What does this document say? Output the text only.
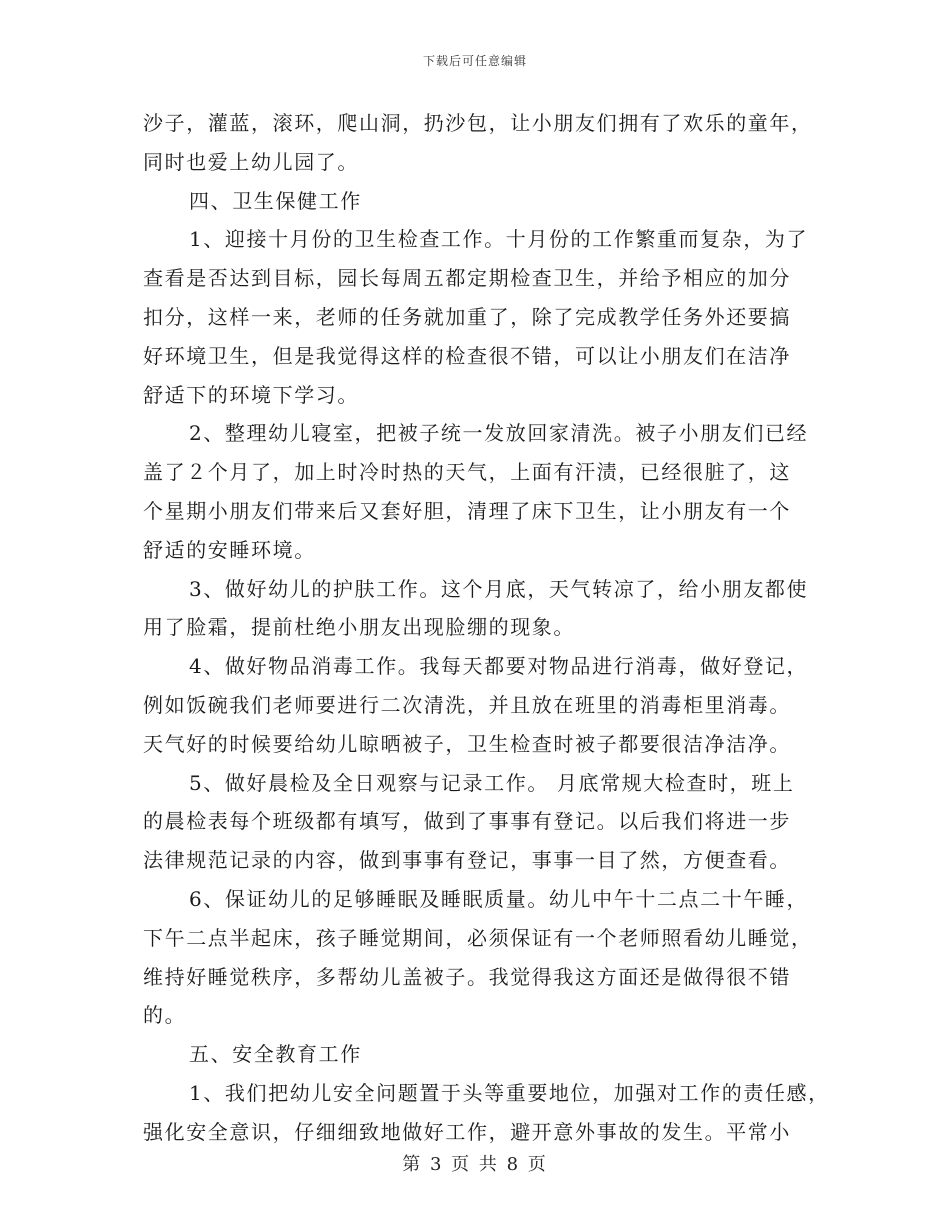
下载后可任意编辑
沙子，灌蓝，滚环，爬山洞，扔沙包，让小朋友们拥有了欢乐的童年，
同时也爱上幼儿园了。
四、卫生保健工作
1、迎接十月份的卫生检查工作。十月份的工作繁重而复杂，为了
查看是否达到目标，园长每周五都定期检查卫生，并给予相应的加分
扣分，这样一来，老师的任务就加重了，除了完成教学任务外还要搞
好环境卫生，但是我觉得这样的检查很不错，可以让小朋友们在洁净
舒适下的环境下学习。
2、整理幼儿寝室，把被子统一发放回家清洗。被子小朋友们已经
盖了２个月了，加上时冷时热的天气，上面有汗渍，已经很脏了，这
个星期小朋友们带来后又套好胆，清理了床下卫生，让小朋友有一个
舒适的安睡环境。
3、做好幼儿的护肤工作。这个月底，天气转凉了，给小朋友都使
用了脸霜，提前杜绝小朋友出现脸绷的现象。
4、做好物品消毒工作。我每天都要对物品进行消毒，做好登记，
例如饭碗我们老师要进行二次清洗，并且放在班里的消毒柜里消毒。
天气好的时候要给幼儿晾晒被子，卫生检查时被子都要很洁净洁净。
5、做好晨检及全日观察与记录工作。 月底常规大检查时，班上
的晨检表每个班级都有填写，做到了事事有登记。以后我们将进一步
法律规范记录的内容，做到事事有登记，事事一目了然，方便查看。
6、保证幼儿的足够睡眠及睡眠质量。幼儿中午十二点二十午睡，
下午二点半起床，孩子睡觉期间，必须保证有一个老师照看幼儿睡觉，
维持好睡觉秩序，多帮幼儿盖被子。我觉得我这方面还是做得很不错
的。
五、安全教育工作
1、我们把幼儿安全问题置于头等重要地位，加强对工作的责任感，
强化安全意识，仔细细致地做好工作，避开意外事故的发生。平常小
第 3 页 共 8 页
